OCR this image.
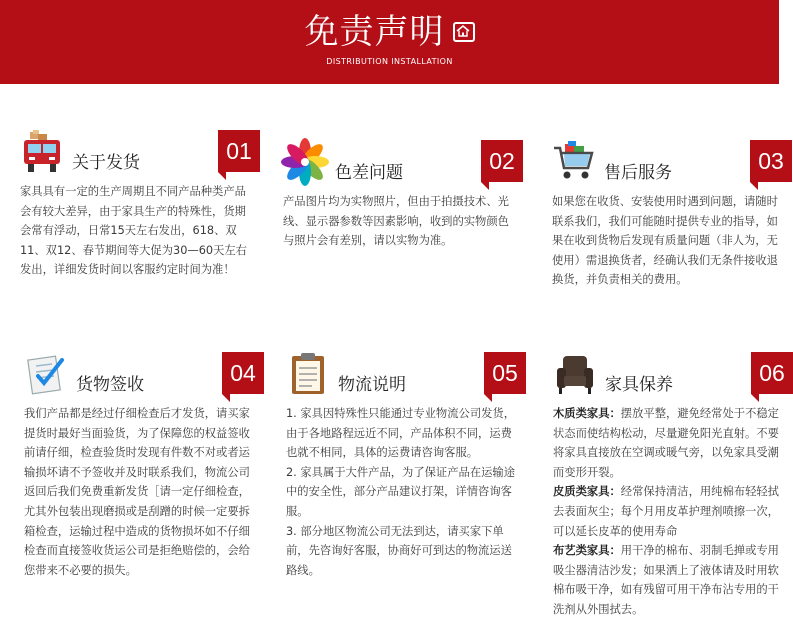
免责声明
DISTRIBUTION INSTALLATION
关于发货	01

家具具有一定的生产周期且不同产品种类产品会有较大差异，由于家具生产的特殊性，货期会常有浮动，日常15天左右发出，618、双11、双12、春节期间等大促为30—60天左右发出，详细发货时间以客服约定时间为准！

色差问题	02

产品图片均为实物照片，但由于拍摄技术、光线、显示器参数等因素影响，收到的实物颜色与照片会有差别，请以实物为准。

售后服务	03

如果您在收货、安装使用时遇到问题，请随时联系我们，我们可能随时提供专业的指导，如果在收到货物后发现有质量问题（非人为，无使用）需退换货者，经确认我们无条件接收退换货，并负责相关的费用。

货物签收	04

我们产品都是经过仔细检查后才发货，请买家提货时最好当面验货，为了保障您的权益签收前请仔细，检查验货时发现有件数不对或者运输损坏请不予签收并及时联系我们，物流公司返回后我们免费重新发货［请一定仔细检查，尤其外包装出现磨损或是刮蹭的时候一定要拆箱检查，运输过程中造成的货物损坏如不仔细检查而直接签收货运公司是拒绝赔偿的，会给您带来不必要的损失。

物流说明	05

1. 家具因特殊性只能通过专业物流公司发货，由于各地路程远近不同，产品体积不同，运费也就不相同，具体的运费请咨询客服。

2. 家具属于大件产品，为了保证产品在运输途中的安全性，部分产品建议打架，详情咨询客服。

3. 部分地区物流公司无法到达，请买家下单前，先咨询好客服，协商好可到达的物流运送路线。

家具保养	06

木质类家具：摆放平整，避免经常处于不稳定状态而使结构松动，尽量避免阳光直射。不要将家具直接放在空调或暖气旁，以免家具受潮而变形开裂。

皮质类家具：经常保持清洁，用纯棉布轻轻拭去表面灰尘；每个月用皮革护理剂喷擦一次，可以延长皮革的使用寿命

布艺类家具：用干净的棉布、羽制毛掸或专用吸尘器清洁沙发；如果洒上了液体请及时用软棉布吸干净，如有残留可用干净布沾专用的干洗剂从外围拭去。
